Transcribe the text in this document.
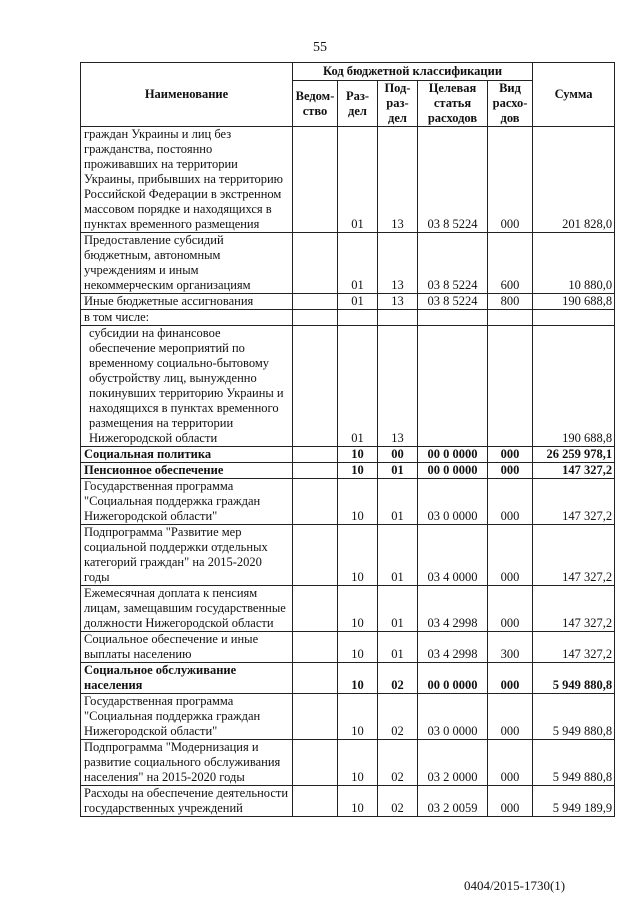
55
Наименование	Код бюджетной классификации					Сумма
	Ведом-ство	Раз-дел	Под-раз-дел	Целевая статья расходов	Вид расхо-дов	
граждан Украины и лиц без гражданства, постоянно проживавших на территории Украины, прибывших на территорию Российской Федерации в экстренном массовом порядке и находящихся в пунктах временного размещения		01	13	03 8 5224	000	201 828,0
Предоставление субсидий бюджетным, автономным учреждениям и иным некоммерческим организациям		01	13	03 8 5224	600	10 880,0
Иные бюджетные ассигнования		01	13	03 8 5224	800	190 688,8
в том числе:						
субсидии на финансовое обеспечение мероприятий по временному социально-бытовому обустройству лиц, вынужденно покинувших территорию Украины и находящихся в пунктах временного размещения на территории Нижегородской области		01	13			190 688,8
Социальная политика		10	00	00 0 0000	000	26 259 978,1
Пенсионное обеспечение		10	01	00 0 0000	000	147 327,2
Государственная программа "Социальная поддержка граждан Нижегородской области"		10	01	03 0 0000	000	147 327,2
Подпрограмма "Развитие мер социальной поддержки отдельных категорий граждан" на 2015-2020 годы		10	01	03 4 0000	000	147 327,2
Ежемесячная доплата к пенсиям лицам, замещавшим государственные должности Нижегородской области		10	01	03 4 2998	000	147 327,2
Социальное обеспечение и иные выплаты населению		10	01	03 4 2998	300	147 327,2
Социальное обслуживание населения		10	02	00 0 0000	000	5 949 880,8
Государственная программа "Социальная поддержка граждан Нижегородской области"		10	02	03 0 0000	000	5 949 880,8
Подпрограмма "Модернизация и развитие социального обслуживания населения" на 2015-2020 годы		10	02	03 2 0000	000	5 949 880,8
Расходы на обеспечение деятельности государственных учреждений		10	02	03 2 0059	000	5 949 189,9
0404/2015-1730(1)
